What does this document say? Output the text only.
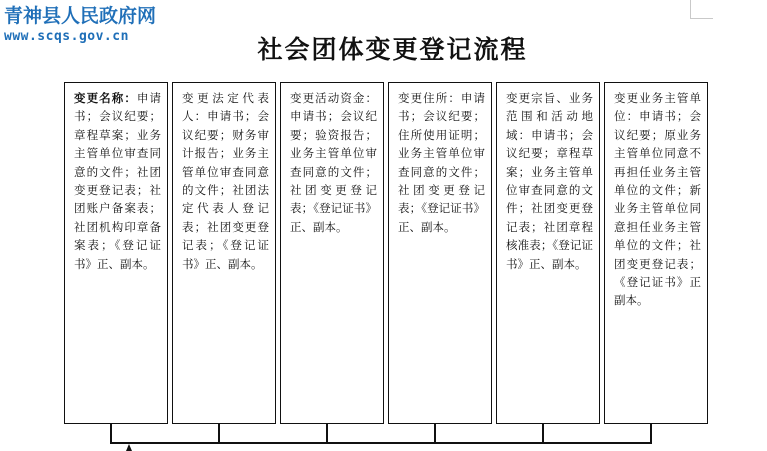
青神县人民政府网
www.scqs.gov.cn	社会团体变更登记流程
变更名称：申请书；会议纪要；章程草案；业务主管单位审查同意的文件；社团变更登记表；社团账户备案表；社团机构印章备案表；《登记证书》正、副本。
变更法定代表人：申请书；会议纪要；财务审计报告；业务主管单位审查同意的文件；社团法定代表人登记表；社团变更登记表；《登记证书》正、副本。
变更活动资金：申请书；会议纪要；验资报告；业务主管单位审查同意的文件；社团变更登记表；《登记证书》正、副本。
变更住所：申请书；会议纪要；住所使用证明；业务主管单位审查同意的文件；社团变更登记表；《登记证书》正、副本。
变更宗旨、业务范围和活动地域：申请书；会议纪要；章程草案；业务主管单位审查同意的文件；社团变更登记表；社团章程核准表；《登记证书》正、副本。
变更业务主管单位：申请书；会议纪要；原业务主管单位同意不再担任业务主管单位的文件；新业务主管单位同意担任业务主管单位的文件；社团变更登记表；《登记证书》正副本。
